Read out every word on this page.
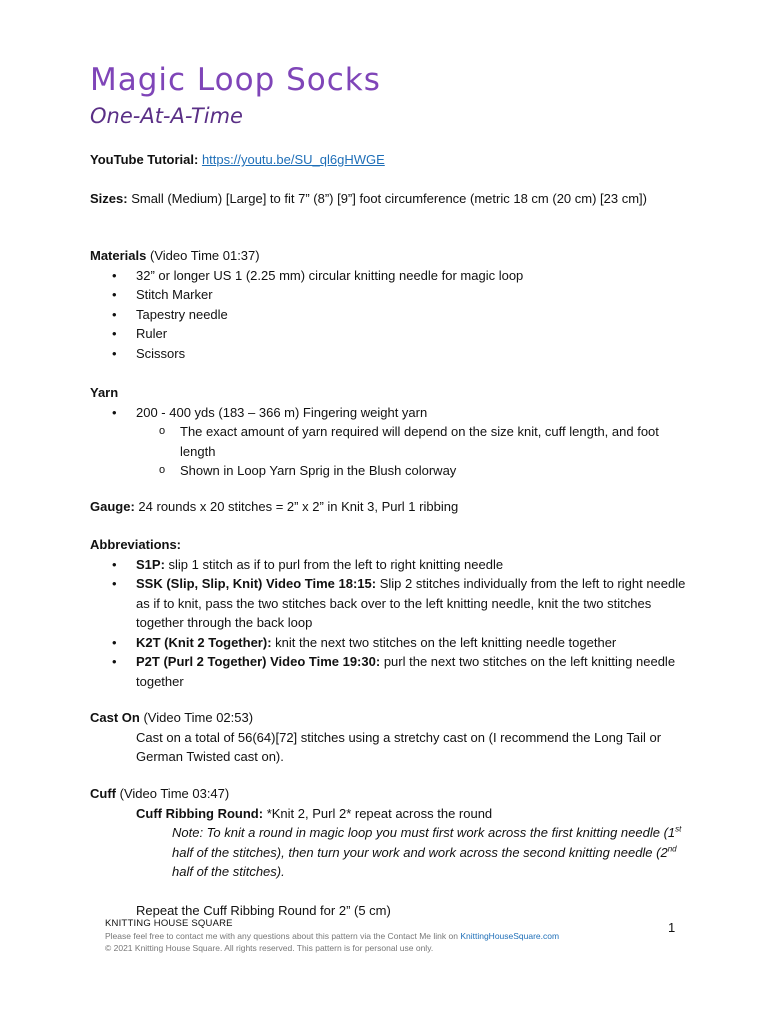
Magic Loop Socks
One-At-A-Time
YouTube Tutorial: https://youtu.be/SU_ql6gHWGE
Sizes: Small (Medium) [Large] to fit 7” (8”) [9”] foot circumference (metric 18 cm (20 cm) [23 cm])
Materials (Video Time 01:37)
• 32” or longer US 1 (2.25 mm) circular knitting needle for magic loop
• Stitch Marker
• Tapestry needle
• Ruler
• Scissors
Yarn
• 200 - 400 yds (183 – 366 m) Fingering weight yarn
o The exact amount of yarn required will depend on the size knit, cuff length, and foot length
o Shown in Loop Yarn Sprig in the Blush colorway
Gauge: 24 rounds x 20 stitches = 2” x 2” in Knit 3, Purl 1 ribbing
Abbreviations:
• S1P: slip 1 stitch as if to purl from the left to right knitting needle
• SSK (Slip, Slip, Knit) Video Time 18:15: Slip 2 stitches individually from the left to right needle as if to knit, pass the two stitches back over to the left knitting needle, knit the two stitches together through the back loop
• K2T (Knit 2 Together): knit the next two stitches on the left knitting needle together
• P2T (Purl 2 Together) Video Time 19:30: purl the next two stitches on the left knitting needle together
Cast On (Video Time 02:53)
Cast on a total of 56(64)[72] stitches using a stretchy cast on (I recommend the Long Tail or German Twisted cast on).
Cuff (Video Time 03:47)
Cuff Ribbing Round: *Knit 2, Purl 2* repeat across the round
Note: To knit a round in magic loop you must first work across the first knitting needle (1st half of the stitches), then turn your work and work across the second knitting needle (2nd half of the stitches).
Repeat the Cuff Ribbing Round for 2” (5 cm)
KNITTING HOUSE SQUARE
Please feel free to contact me with any questions about this pattern via the Contact Me link on KnittingHouseSquare.com
© 2021 Knitting House Square. All rights reserved. This pattern is for personal use only.
1
